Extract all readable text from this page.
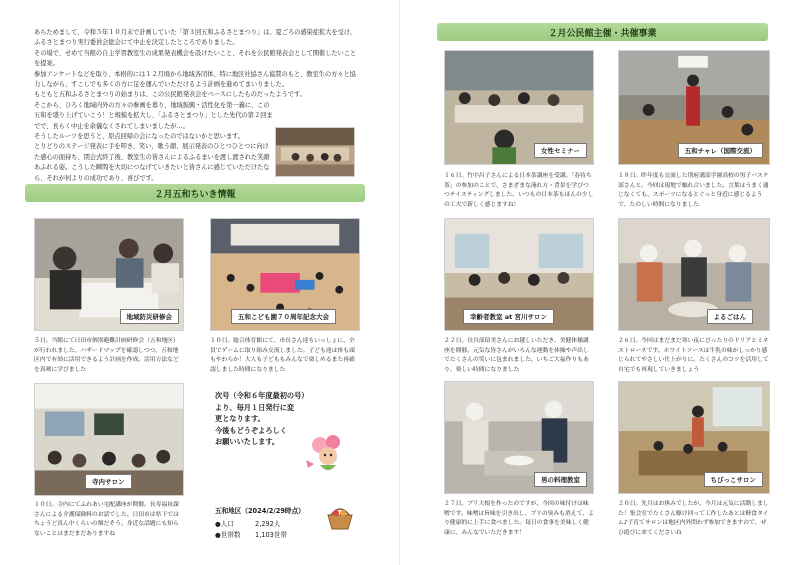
あらためまして、令和５年１０月末で計画していた「第３回五和ふるさとまつり」は、夏ごろの感染症拡大を受け、ふるさとまつり実行委員会総会にて中止を決定したところでありました。

その場で、せめて当館の自主学習教室生の成果発表機会を設けたいこと、それを公民館発表会として開催したいことを提案。

参加アンケートなどを取り、本格的には１２月頃から地域各団体、特に地区社協さん協賛のもと、教室生の方々と協力しながら、すこしでも多くの方に足を運んでいただけるよう計画を進めてまいりました。

もともと五和ふるさとまつりの始まりは、この公民館発表会をベースにしたものだったようです。

そこから、ひろく地域内外の方々の参画を募り、地域振興・活性化を第一義に、この五和を盛り上げていこう！と規模を拡大し、「ふるさとまつり」とした先代の第２回までで、長らく中止を余儀なくされてしまいましたが…。

そうしたルーツを思うと、原点回帰の会になったのではないかと思います。

とりどりのステージ発表に手を叩き、笑い、歌う顔、展示発表のひとつひとつに向けた感心の面持ち、閉会式終了後、教室生の皆さんによるふるまいを渡し渡された笑顔あふれる姿。こうした瞬間を大切につなげていきたいと皆さんに感じていただけたなら、それが何よりの成功であり、喜びです。

２月五和ちいき情報
地域防災研修会
５日。当館にて日田市個別避難計画研修会（五和地区）が行われました。ハザードマップを確認しつつ、五和地区内で有効に活用できるよう計画を作成。活用方法などを真剣に学びました
五和こども園７０周年記念大会
１０日。総合体育館にて、市長さん達もいっしょに、全員でゲームに取り組み交流しました。子ども達は体も頭もやわらか！大人も子どももみんなで楽しめるまた再確認しました時間になりました
寺内サロン
１０日。寺内にてふれあい宅配講座が開催。長寿福祉課さんによる介護保険料のお話でした。日田市は県下ではちょうど真ん中くらいの額だそう。身近な話題にも知らないことはまだまだありますね
次号（令和６年度最初の号）
より、毎月１日発行に変
更となります。
今後もどうぞよろしく
お願いいたします。
五和地区（2024/2/29時点）
●人口	2,292人
●世帯数	1,103世帯
２月公民館主催・共催事業
女性セミナー
１６日。竹中昌子さんによる日本茶講座を受講。「春待ち茶」の参加のことで、さまざまな淹れ方・背景を学びつつテイスティングしました。いつもの日本茶もほんの少しの工夫で新しく感じますね！
五和チャレ（国際交流）
１８日。昨年度も交流した別府溝部学園高校の男子バスケ部さんと。今回は現地で触れ合いました。言葉はうまく通じなくても、スポーツになるとぐっと身近に感じるようで、たのしい時間になりました
幸齢者教室 at 宮川サロン
２２日。長谷部留美さんにお越しいただき、美健体操講座を開催。元気な皆さんがいろんな運動を体操や声出しでたくさんの笑いに包まれました。いちご大福作りもあり、楽しい時間になりました
よるごはん
２６日。今回はまだまだ寒い夜にぴったりのドリアとミネストローネです。ホワイトソースは牛乳の味がしっかり感じられてやさしい仕上がりに。たくさんのコツを活用して自宅でも再現していきましょう
男の料理教室
２７日。ブリ大根を作ったのですが、今回の味付けは味噌です。味噌は旨味を引き出し、ブリの臭みも消えて、より健康的に上手に食べました。毎日の食事を美味しく健康に、みんなでいただきます！
ちびっこサロン
２０日。先月はお休みでしたが、今月は元気に活動しました！集会室でたくさん駆け回って工作したあとは軽食タイム♪子育てサロンは地区内外問わず参加できますので、ぜひ遊びに来てくださいね
